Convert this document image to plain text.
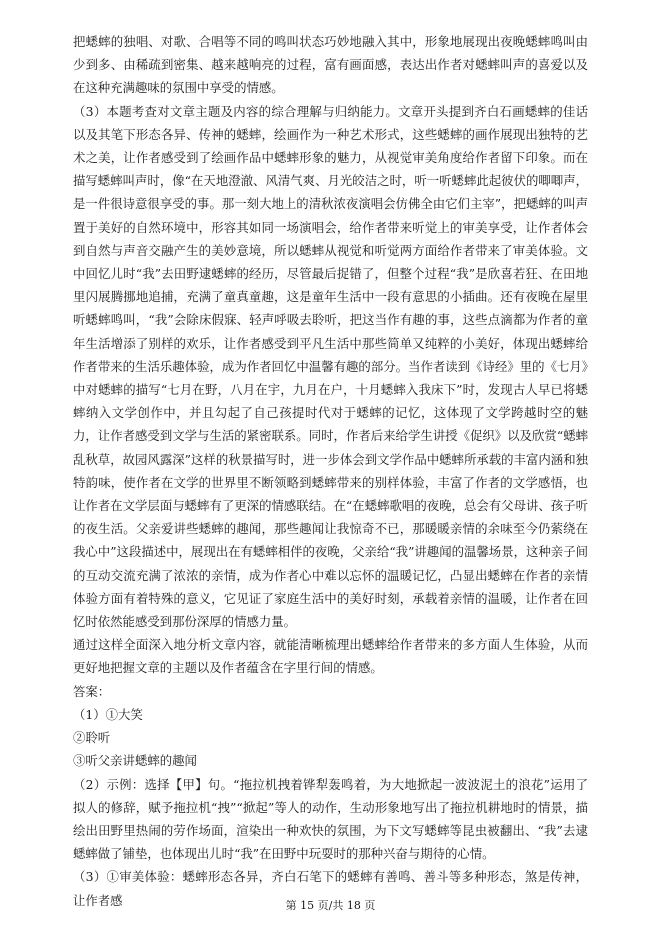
把蟋蟀的独唱、对歌、合唱等不同的鸣叫状态巧妙地融入其中，形象地展现出夜晚蟋蟀鸣叫由少到多、由稀疏到密集、越来越响亮的过程，富有画面感，表达出作者对蟋蟀叫声的喜爱以及在这种充满趣味的氛围中享受的情感。

（3）本题考查对文章主题及内容的综合理解与归纳能力。文章开头提到齐白石画蟋蟀的佳话以及其笔下形态各异、传神的蟋蟀，绘画作为一种艺术形式，这些蟋蟀的画作展现出独特的艺术之美，让作者感受到了绘画作品中蟋蟀形象的魅力，从视觉审美角度给作者留下印象。而在描写蟋蟀叫声时，像“在天地澄澈、风清气爽、月光皎洁之时，听一听蟋蟀此起彼伏的唧唧声，是一件很诗意很享受的事。那一刻大地上的清秋浓夜演唱会仿佛全由它们主宰”，把蟋蟀的叫声置于美好的自然环境中，形容其如同一场演唱会，给作者带来听觉上的审美享受，让作者体会到自然与声音交融产生的美妙意境，所以蟋蟀从视觉和听觉两方面给作者带来了审美体验。文中回忆儿时“我”去田野逮蟋蟀的经历，尽管最后捉错了，但整个过程“我”是欣喜若狂、在田地里闪展腾挪地追捕，充满了童真童趣，这是童年生活中一段有意思的小插曲。还有夜晚在屋里听蟋蟀鸣叫，“我”会除床假寐、轻声呼吸去聆听，把这当作有趣的事，这些点滴都为作者的童年生活增添了别样的欢乐，让作者感受到平凡生活中那些简单又纯粹的小美好，体现出蟋蟀给作者带来的生活乐趣体验，成为作者回忆中温馨有趣的部分。当作者读到《诗经》里的《七月》中对蟋蟀的描写“七月在野，八月在宇，九月在户，十月蟋蟀入我床下”时，发现古人早已将蟋蟀纳入文学创作中，并且勾起了自己孩提时代对于蟋蟀的记忆，这体现了文学跨越时空的魅力，让作者感受到文学与生活的紧密联系。同时，作者后来给学生讲授《促织》以及欣赏“蟋蟀乱秋草，故园风露深”这样的秋景描写时，进一步体会到文学作品中蟋蟀所承载的丰富内涵和独特韵味，使作者在文学的世界里不断领略到蟋蟀带来的别样体验，丰富了作者的文学感悟，也让作者在文学层面与蟋蟀有了更深的情感联结。在“在蟋蟀歌唱的夜晚，总会有父母讲、孩子听的夜生活。父亲爱讲些蟋蟀的趣闻，那些趣闻让我惊奇不已，那暖暖亲情的余味至今仍萦绕在我心中”这段描述中，展现出在有蟋蟀相伴的夜晚，父亲给“我”讲趣闻的温馨场景，这种亲子间的互动交流充满了浓浓的亲情，成为作者心中难以忘怀的温暖记忆，凸显出蟋蟀在作者的亲情体验方面有着特殊的意义，它见证了家庭生活中的美好时刻，承载着亲情的温暖，让作者在回忆时依然能感受到那份深厚的情感力量。

通过这样全面深入地分析文章内容，就能清晰梳理出蟋蟀给作者带来的多方面人生体验，从而更好地把握文章的主题以及作者蕴含在字里行间的情感。

答案：

（1）①大笑

②聆听

③听父亲讲蟋蟀的趣闻

（2）示例：选择【甲】句。“拖拉机拽着铧犁轰鸣着，为大地掀起一波波泥土的浪花”运用了拟人的修辞，赋予拖拉机“拽”“掀起”等人的动作，生动形象地写出了拖拉机耕地时的情景，描绘出田野里热闹的劳作场面，渲染出一种欢快的氛围，为下文写蟋蟀等昆虫被翻出、“我”去逮蟋蟀做了铺垫，也体现出儿时“我”在田野中玩耍时的那种兴奋与期待的心情。

（3）①审美体验：蟋蟀形态各异，齐白石笔下的蟋蟀有善鸣、善斗等多种形态，煞是传神，让作者感	第 15 页/共 18 页
